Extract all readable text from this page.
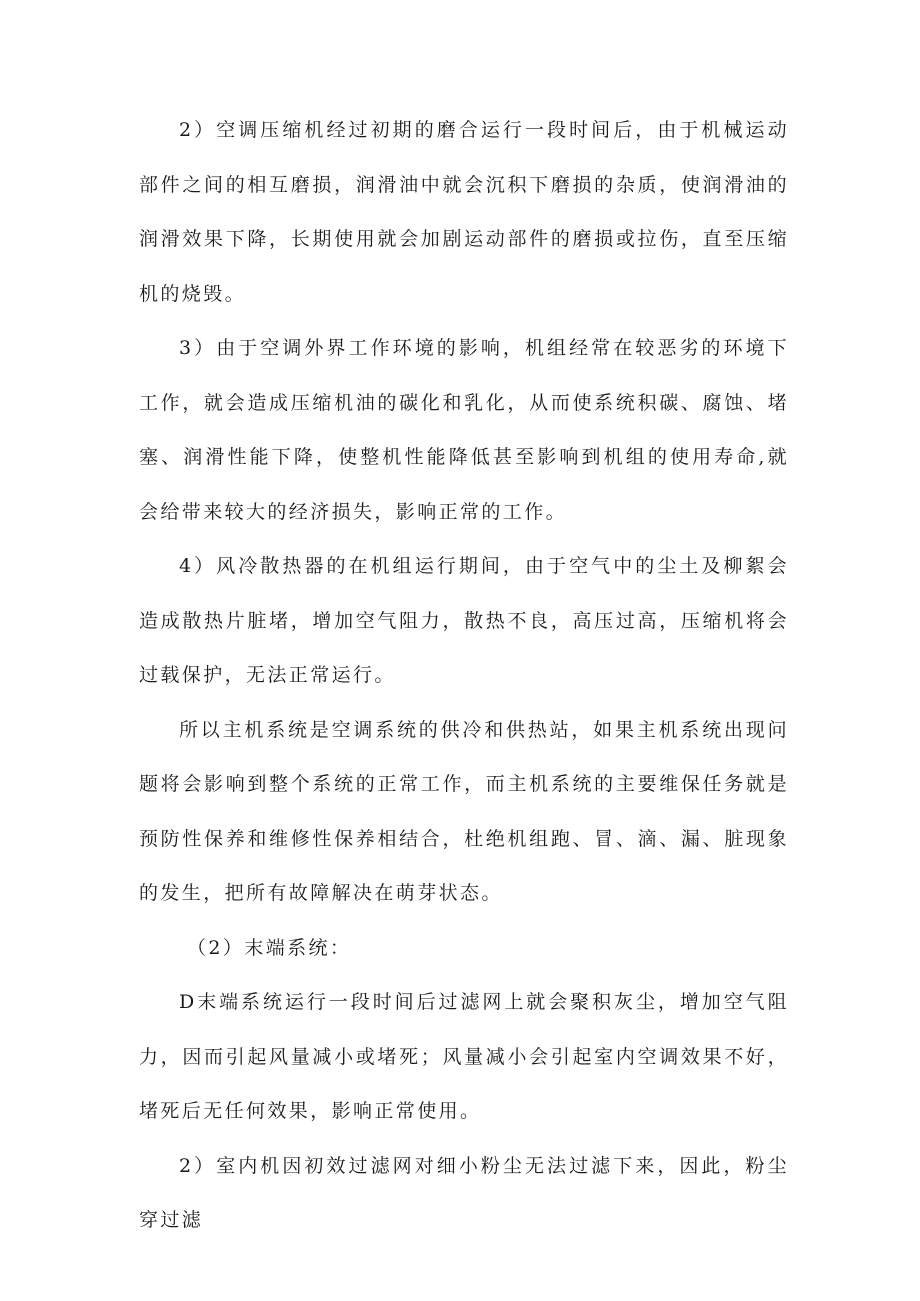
2）空调压缩机经过初期的磨合运行一段时间后，由于机械运动部件之间的相互磨损，润滑油中就会沉积下磨损的杂质，使润滑油的润滑效果下降，长期使用就会加剧运动部件的磨损或拉伤，直至压缩机的烧毁。

3）由于空调外界工作环境的影响，机组经常在较恶劣的环境下工作，就会造成压缩机油的碳化和乳化，从而使系统积碳、腐蚀、堵塞、润滑性能下降，使整机性能降低甚至影响到机组的使用寿命,就会给带来较大的经济损失，影响正常的工作。

4）风冷散热器的在机组运行期间，由于空气中的尘土及柳絮会造成散热片脏堵，增加空气阻力，散热不良，高压过高，压缩机将会过载保护，无法正常运行。

所以主机系统是空调系统的供冷和供热站，如果主机系统出现问题将会影响到整个系统的正常工作，而主机系统的主要维保任务就是预防性保养和维修性保养相结合，杜绝机组跑、冒、滴、漏、脏现象的发生，把所有故障解决在萌芽状态。

（2）末端系统：

D末端系统运行一段时间后过滤网上就会聚积灰尘，增加空气阻力，因而引起风量减小或堵死；风量减小会引起室内空调效果不好，堵死后无任何效果，影响正常使用。

2）室内机因初效过滤网对细小粉尘无法过滤下来，因此，粉尘穿过滤
